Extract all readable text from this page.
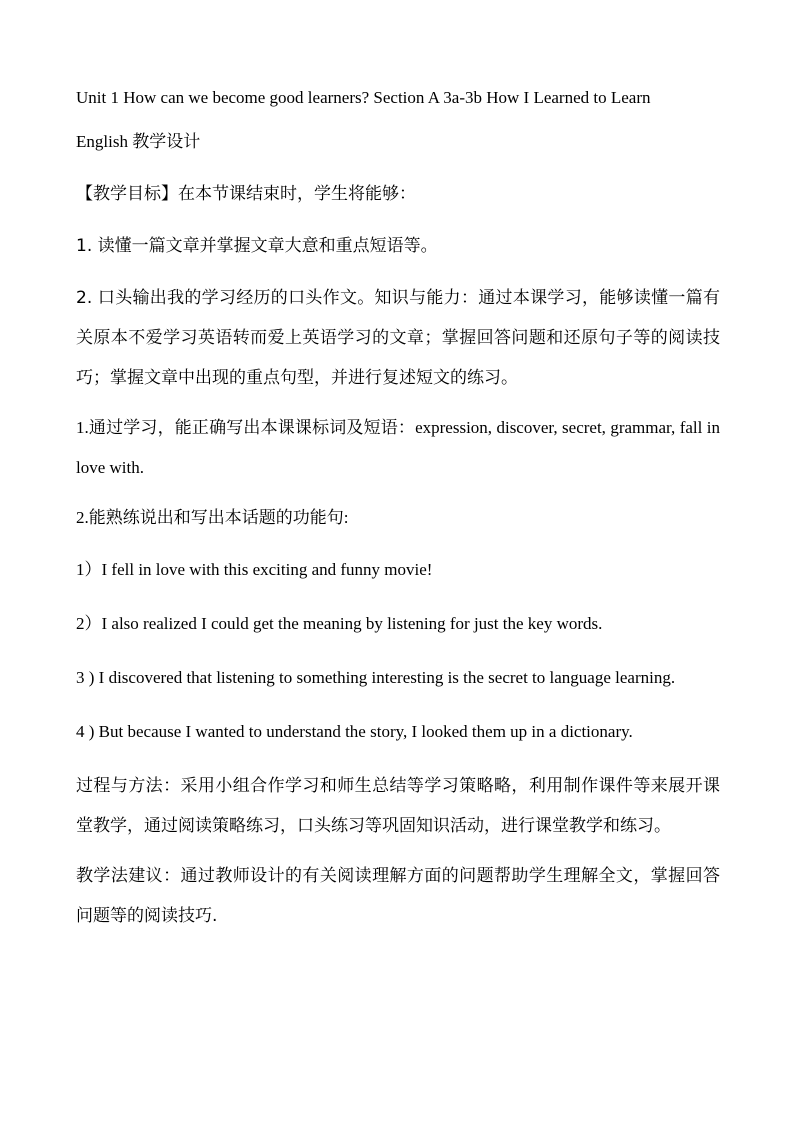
Unit 1 How can we become good learners? Section A 3a-3b How I Learned to Learn
English 教学设计

【教学目标】在本节课结束时，学生将能够：

1. 读懂一篇文章并掌握文章大意和重点短语等。

2. 口头输出我的学习经历的口头作文。知识与能力：通过本课学习，能够读懂一篇有关原本不爱学习英语转而爱上英语学习的文章；掌握回答问题和还原句子等的阅读技巧；掌握文章中出现的重点句型，并进行复述短文的练习。

1.通过学习，能正确写出本课课标词及短语：expression, discover, secret, grammar, fall in love with.

2.能熟练说出和写出本话题的功能句:

1）I fell in love with this exciting and funny movie!

2）I also realized I could get the meaning by listening for just the key words.

3 ) I discovered that listening to something interesting is the secret to language learning.

4 ) But because I wanted to understand the story, I looked them up in a dictionary.

过程与方法：采用小组合作学习和师生总结等学习策略略，利用制作课件等来展开课堂教学，通过阅读策略练习，口头练习等巩固知识活动，进行课堂教学和练习。

教学法建议：通过教师设计的有关阅读理解方面的问题帮助学生理解全文，掌握回答问题等的阅读技巧.
